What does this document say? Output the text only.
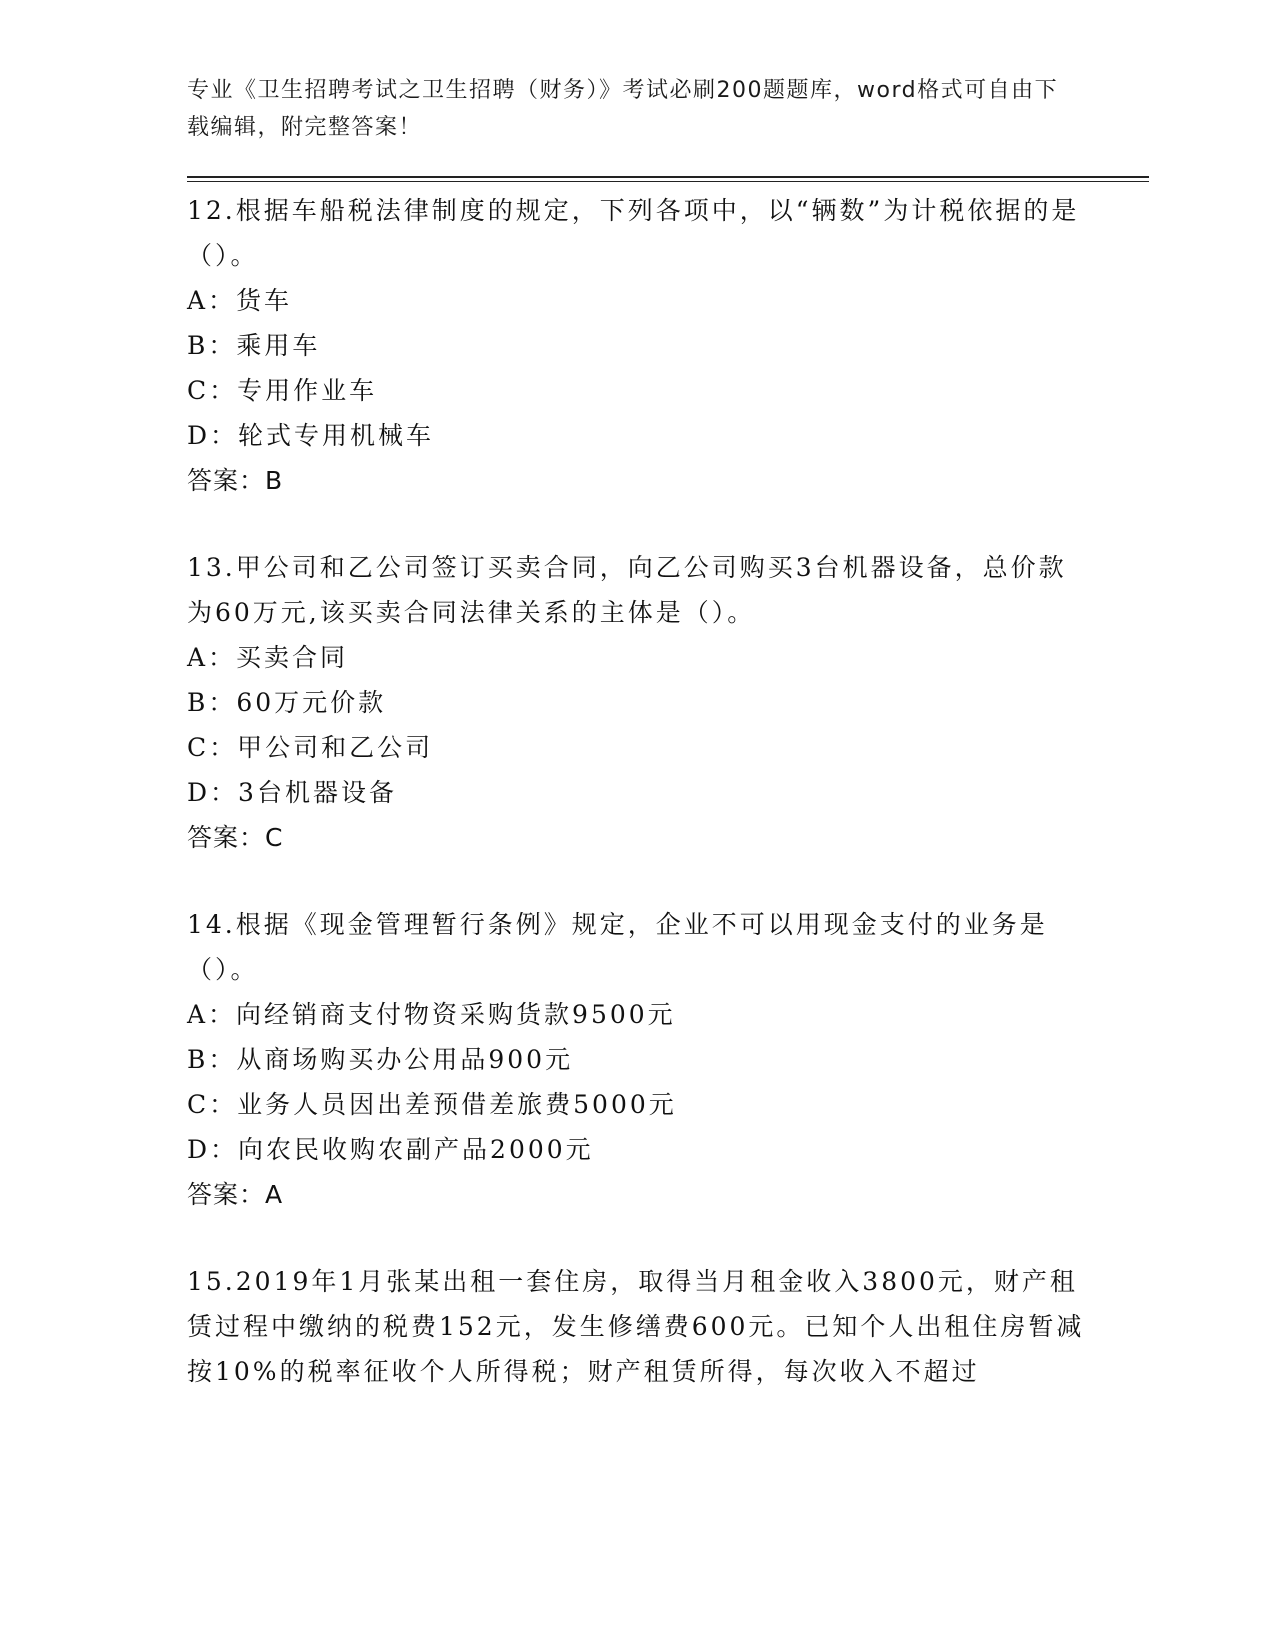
专业《卫生招聘考试之卫生招聘（财务）》考试必刷200题题库，word格式可自由下载编辑，附完整答案！
12.根据车船税法律制度的规定，下列各项中，以“辆数”为计税依据的是（）。
A：货车
B：乘用车
C：专用作业车
D：轮式专用机械车
答案：B
13.甲公司和乙公司签订买卖合同，向乙公司购买3台机器设备，总价款为60万元,该买卖合同法律关系的主体是（）。
A：买卖合同
B：60万元价款
C：甲公司和乙公司
D：3台机器设备
答案：C
14.根据《现金管理暂行条例》规定，企业不可以用现金支付的业务是（）。
A：向经销商支付物资采购货款9500元
B：从商场购买办公用品900元
C：业务人员因出差预借差旅费5000元
D：向农民收购农副产品2000元
答案：A
15.2019年1月张某出租一套住房，取得当月租金收入3800元，财产租赁过程中缴纳的税费152元，发生修缮费600元。已知个人出租住房暂减按10%的税率征收个人所得税；财产租赁所得，每次收入不超过
